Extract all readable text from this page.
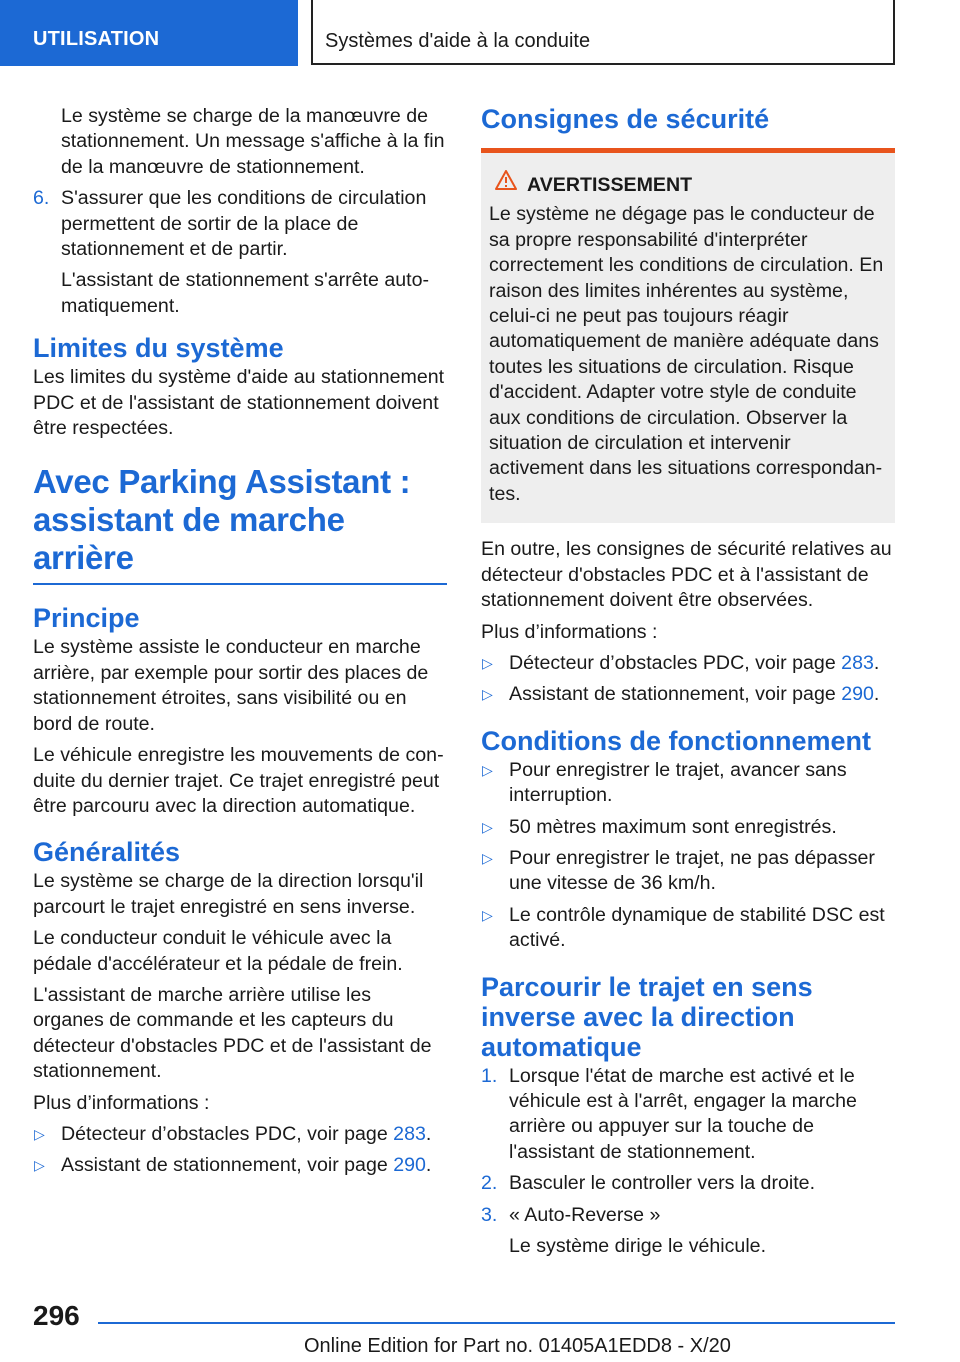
UTILISATION	Systèmes d'aide à la conduite

Le système se charge de la manœuvre de stationnement. Un message s'affiche à la fin de la manœuvre de stationnement.

6. S'assurer que les conditions de circulation permettent de sortir de la place de stationnement et de partir.

L'assistant de stationnement s'arrête automatiquement.

Limites du système

Les limites du système d'aide au stationnement PDC et de l'assistant de stationnement doivent être respectées.

Avec Parking Assistant : assistant de marche arrière
Principe

Le système assiste le conducteur en marche arrière, par exemple pour sortir des places de stationnement étroites, sans visibilité ou en bord de route.

Le véhicule enregistre les mouvements de conduite du dernier trajet. Ce trajet enregistré peut être parcouru avec la direction automatique.

Généralités

Le système se charge de la direction lorsqu'il parcourt le trajet enregistré en sens inverse.

Le conducteur conduit le véhicule avec la pédale d'accélérateur et la pédale de frein.

L'assistant de marche arrière utilise les organes de commande et les capteurs du détecteur d'obstacles PDC et de l'assistant de stationnement.

Plus d’informations :

▷ Détecteur d’obstacles PDC, voir page 283.
▷ Assistant de stationnement, voir page 290.
Consignes de sécurité
AVERTISSEMENT

Le système ne dégage pas le conducteur de sa propre responsabilité d'interpréter correctement les conditions de circulation. En raison des limites inhérentes au système, celui-ci ne peut pas toujours réagir automatiquement de manière adéquate dans toutes les situations de circulation. Risque d'accident. Adapter votre style de conduite aux conditions de circulation. Observer la situation de circulation et intervenir activement dans les situations correspondantes.

En outre, les consignes de sécurité relatives au détecteur d'obstacles PDC et à l'assistant de stationnement doivent être observées.

Plus d’informations :

▷ Détecteur d’obstacles PDC, voir page 283.
▷ Assistant de stationnement, voir page 290.
Conditions de fonctionnement
▷ Pour enregistrer le trajet, avancer sans interruption.
▷ 50 mètres maximum sont enregistrés.
▷ Pour enregistrer le trajet, ne pas dépasser une vitesse de 36 km/h.
▷ Le contrôle dynamique de stabilité DSC est activé.
Parcourir le trajet en sens inverse avec la direction automatique
1. Lorsque l'état de marche est activé et le véhicule est à l'arrêt, engager la marche arrière ou appuyer sur la touche de l'assistant de stationnement.
2. Basculer le controller vers la droite.
3. « Auto-Reverse »

Le système dirige le véhicule.

296
Online Edition for Part no. 01405A1EDD8 - X/20
